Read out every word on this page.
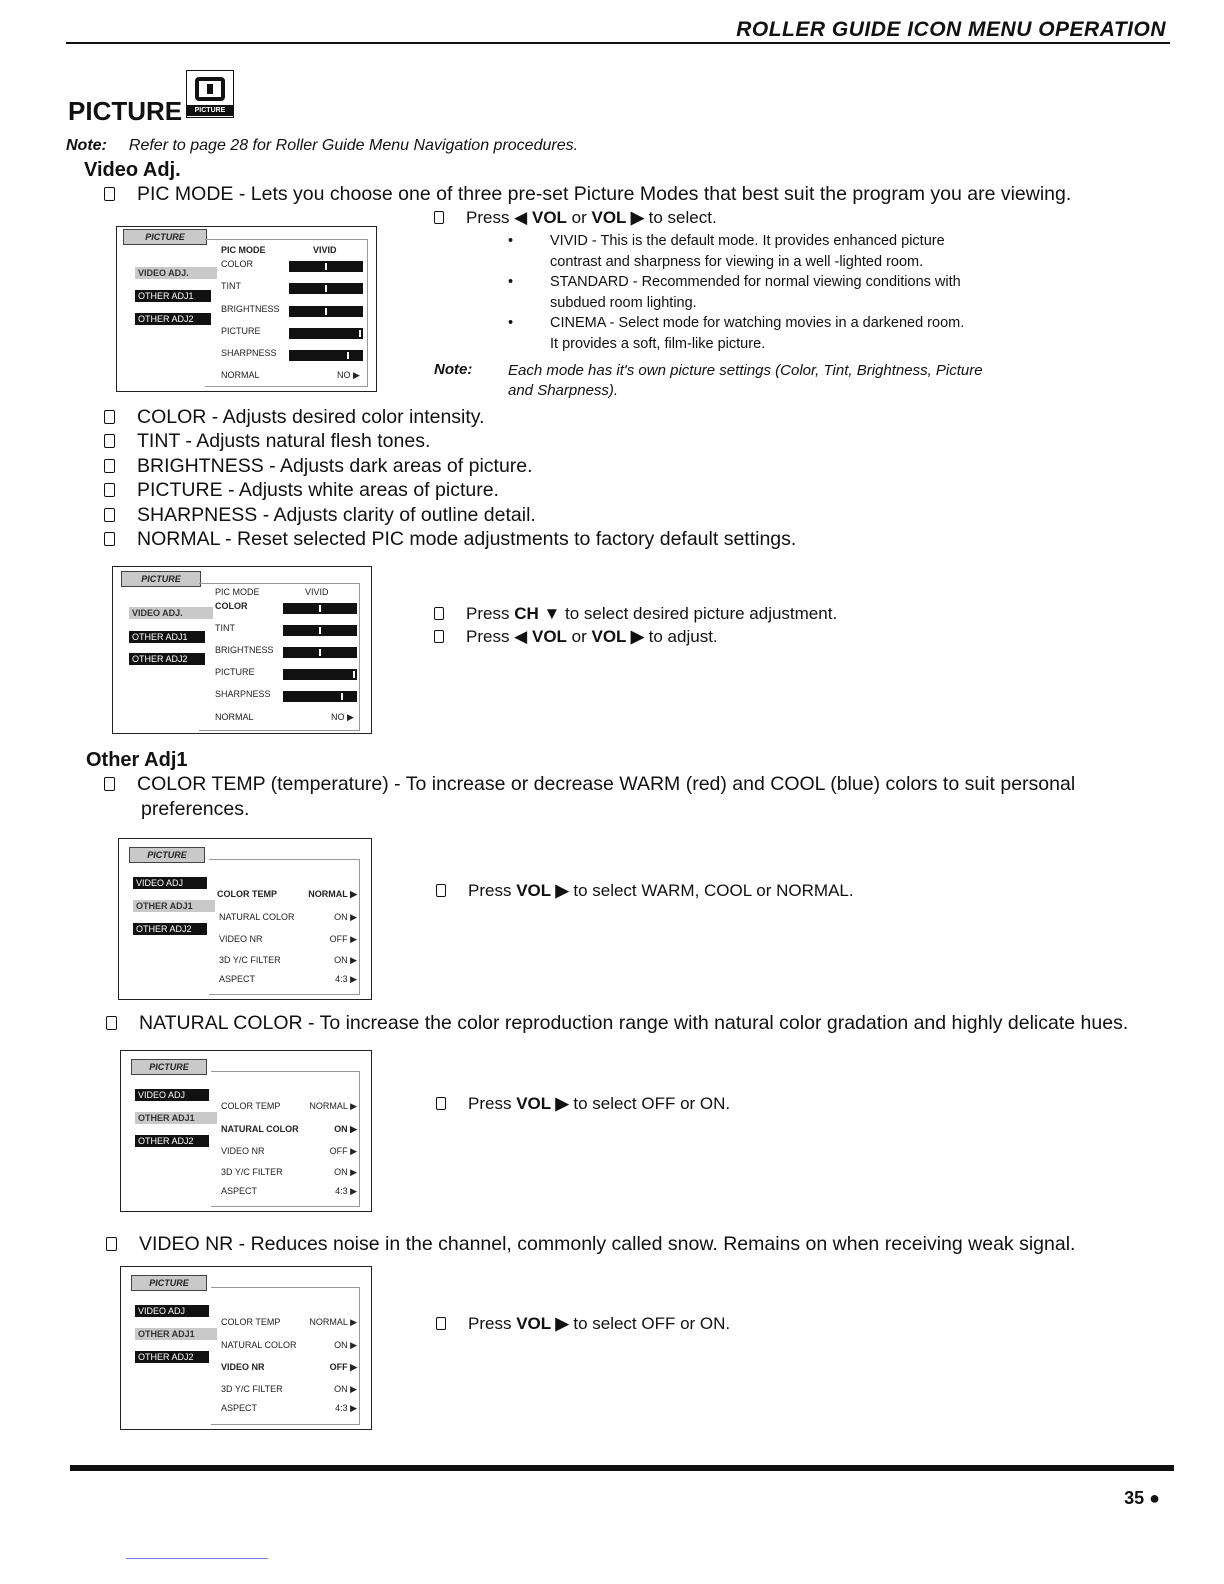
ROLLER GUIDE ICON MENU OPERATION
PICTURE	PICTURE
Note: Refer to page 28 for Roller Guide Menu Navigation procedures.
Video Adj.
PIC MODE - Lets you choose one of three pre-set Picture Modes that best suit the program you are viewing.
PICTURE
VIDEO ADJ.
OTHER ADJ1
OTHER ADJ2
PIC MODE	VIVID
COLOR
TINT
BRIGHTNESS
PICTURE
SHARPNESS
NORMAL	NO ▶
Press ◀ VOL or VOL ▶ to select.
•	VIVID - This is the default mode. It provides enhanced picture
contrast and sharpness for viewing in a well -lighted room.
•	STANDARD - Recommended for normal viewing conditions with
subdued room lighting.
•	CINEMA - Select mode for watching movies in a darkened room.
It provides a soft, film-like picture.
Note: Each mode has it's own picture settings (Color, Tint, Brightness, Picture
and Sharpness).
COLOR - Adjusts desired color intensity.
TINT - Adjusts natural flesh tones.
BRIGHTNESS - Adjusts dark areas of picture.
PICTURE - Adjusts white areas of picture.
SHARPNESS - Adjusts clarity of outline detail.
NORMAL - Reset selected PIC mode adjustments to factory default settings.
PICTURE
VIDEO ADJ.
OTHER ADJ1
OTHER ADJ2
PIC MODE	VIVID
COLOR
TINT
BRIGHTNESS
PICTURE
SHARPNESS
NORMAL	NO ▶
Press CH ▼ to select desired picture adjustment.
Press ◀ VOL or VOL ▶ to adjust.
Other Adj1
COLOR TEMP (temperature) - To increase or decrease WARM (red) and COOL (blue) colors to suit personal
preferences.
PICTURE
VIDEO ADJ
OTHER ADJ1
OTHER ADJ2
COLOR TEMP	NORMAL ▶
NATURAL COLOR	ON ▶
VIDEO NR	OFF ▶
3D Y/C FILTER	ON ▶
ASPECT	4:3 ▶
Press VOL ▶ to select WARM, COOL or NORMAL.
NATURAL COLOR - To increase the color reproduction range with natural color gradation and highly delicate hues.
PICTURE
VIDEO ADJ
OTHER ADJ1
OTHER ADJ2
COLOR TEMP	NORMAL ▶
NATURAL COLOR	ON ▶
VIDEO NR	OFF ▶
3D Y/C FILTER	ON ▶
ASPECT	4:3 ▶
Press VOL ▶ to select OFF or ON.
VIDEO NR - Reduces noise in the channel, commonly called snow. Remains on when receiving weak signal.
PICTURE
VIDEO ADJ
OTHER ADJ1
OTHER ADJ2
COLOR TEMP	NORMAL ▶
NATURAL COLOR	ON ▶
VIDEO NR	OFF ▶
3D Y/C FILTER	ON ▶
ASPECT	4:3 ▶
Press VOL ▶ to select OFF or ON.
35 ●
